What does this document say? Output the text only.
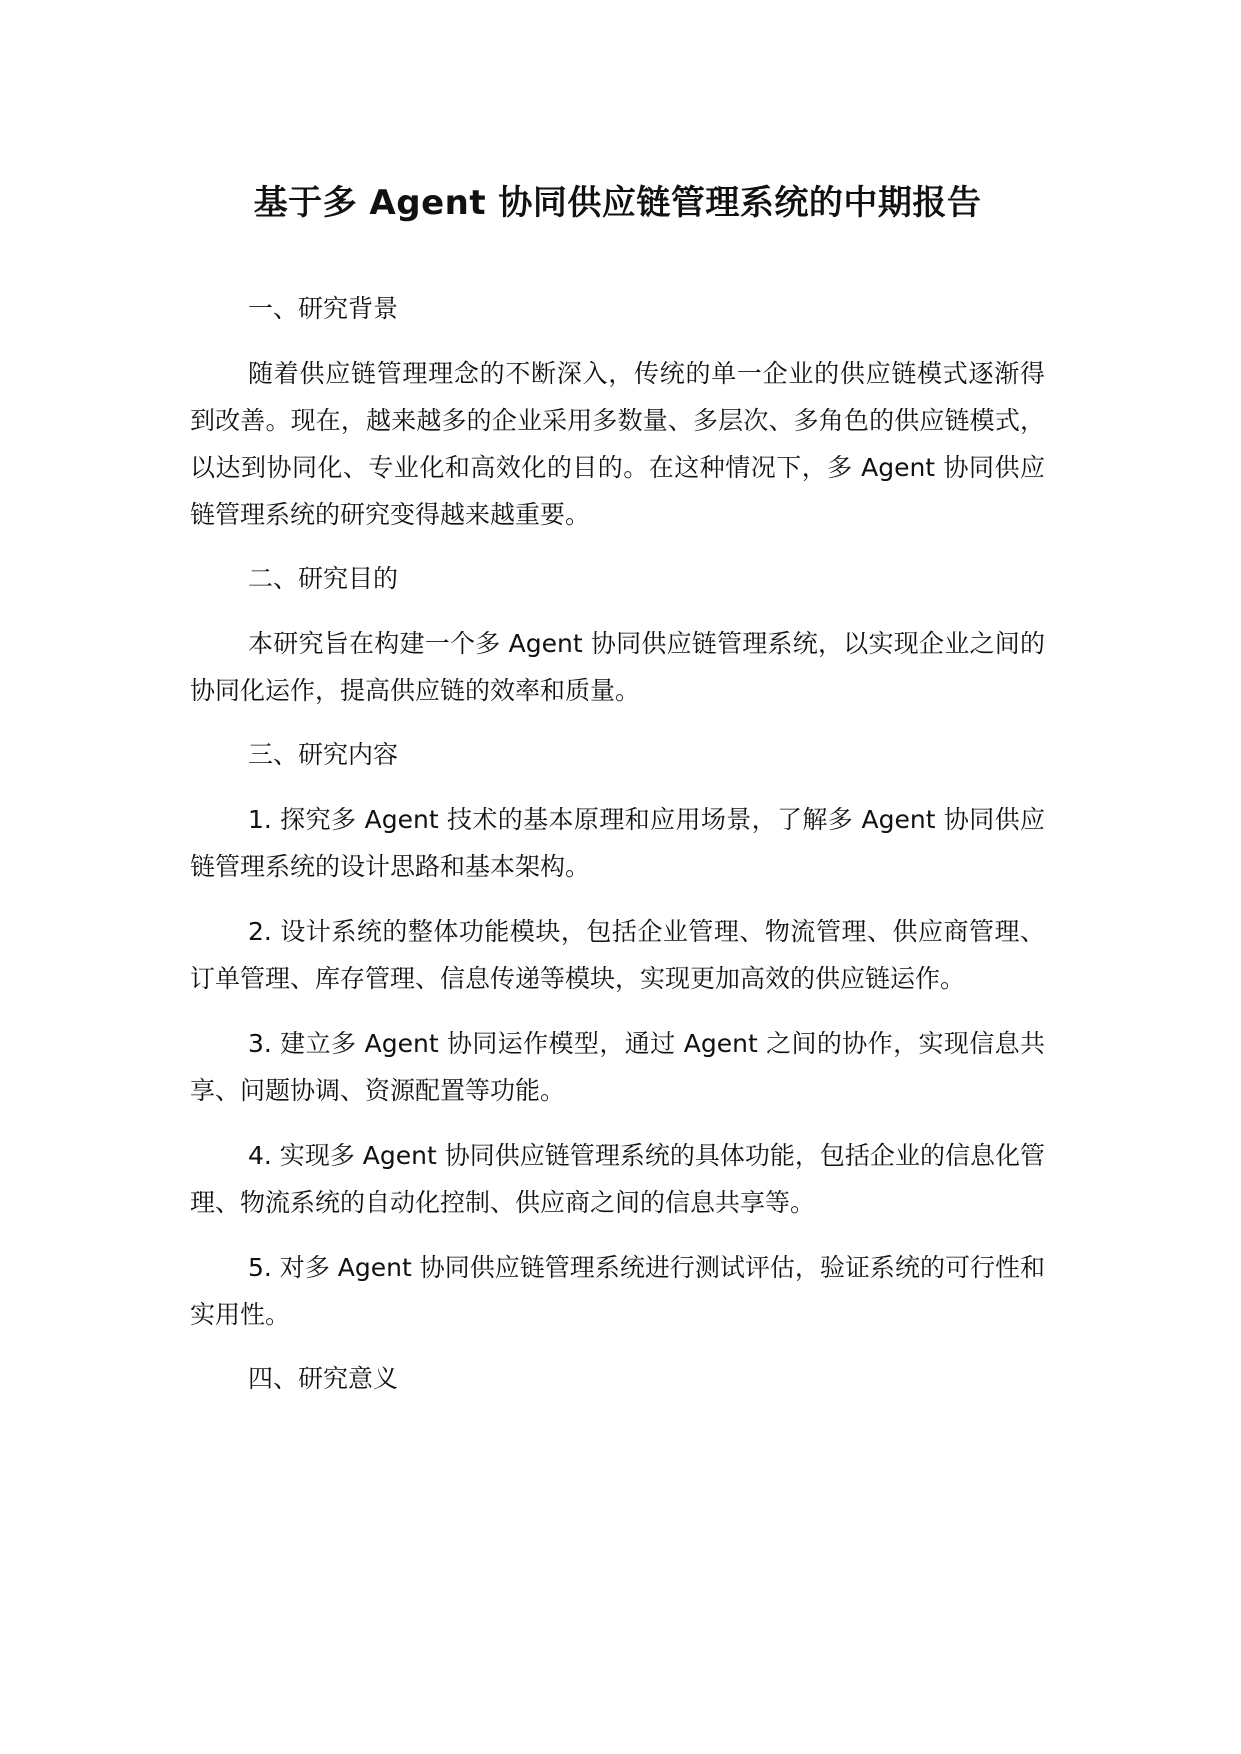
基于多 Agent 协同供应链管理系统的中期报告
一、研究背景

随着供应链管理理念的不断深入，传统的单一企业的供应链模式逐渐得到改善。现在，越来越多的企业采用多数量、多层次、多角色的供应链模式，以达到协同化、专业化和高效化的目的。在这种情况下，多 Agent 协同供应链管理系统的研究变得越来越重要。

二、研究目的

本研究旨在构建一个多 Agent 协同供应链管理系统，以实现企业之间的协同化运作，提高供应链的效率和质量。

三、研究内容

1. 探究多 Agent 技术的基本原理和应用场景，了解多 Agent 协同供应链管理系统的设计思路和基本架构。

2. 设计系统的整体功能模块，包括企业管理、物流管理、供应商管理、订单管理、库存管理、信息传递等模块，实现更加高效的供应链运作。

3. 建立多 Agent 协同运作模型，通过 Agent 之间的协作，实现信息共享、问题协调、资源配置等功能。

4. 实现多 Agent 协同供应链管理系统的具体功能，包括企业的信息化管理、物流系统的自动化控制、供应商之间的信息共享等。

5. 对多 Agent 协同供应链管理系统进行测试评估，验证系统的可行性和实用性。

四、研究意义
